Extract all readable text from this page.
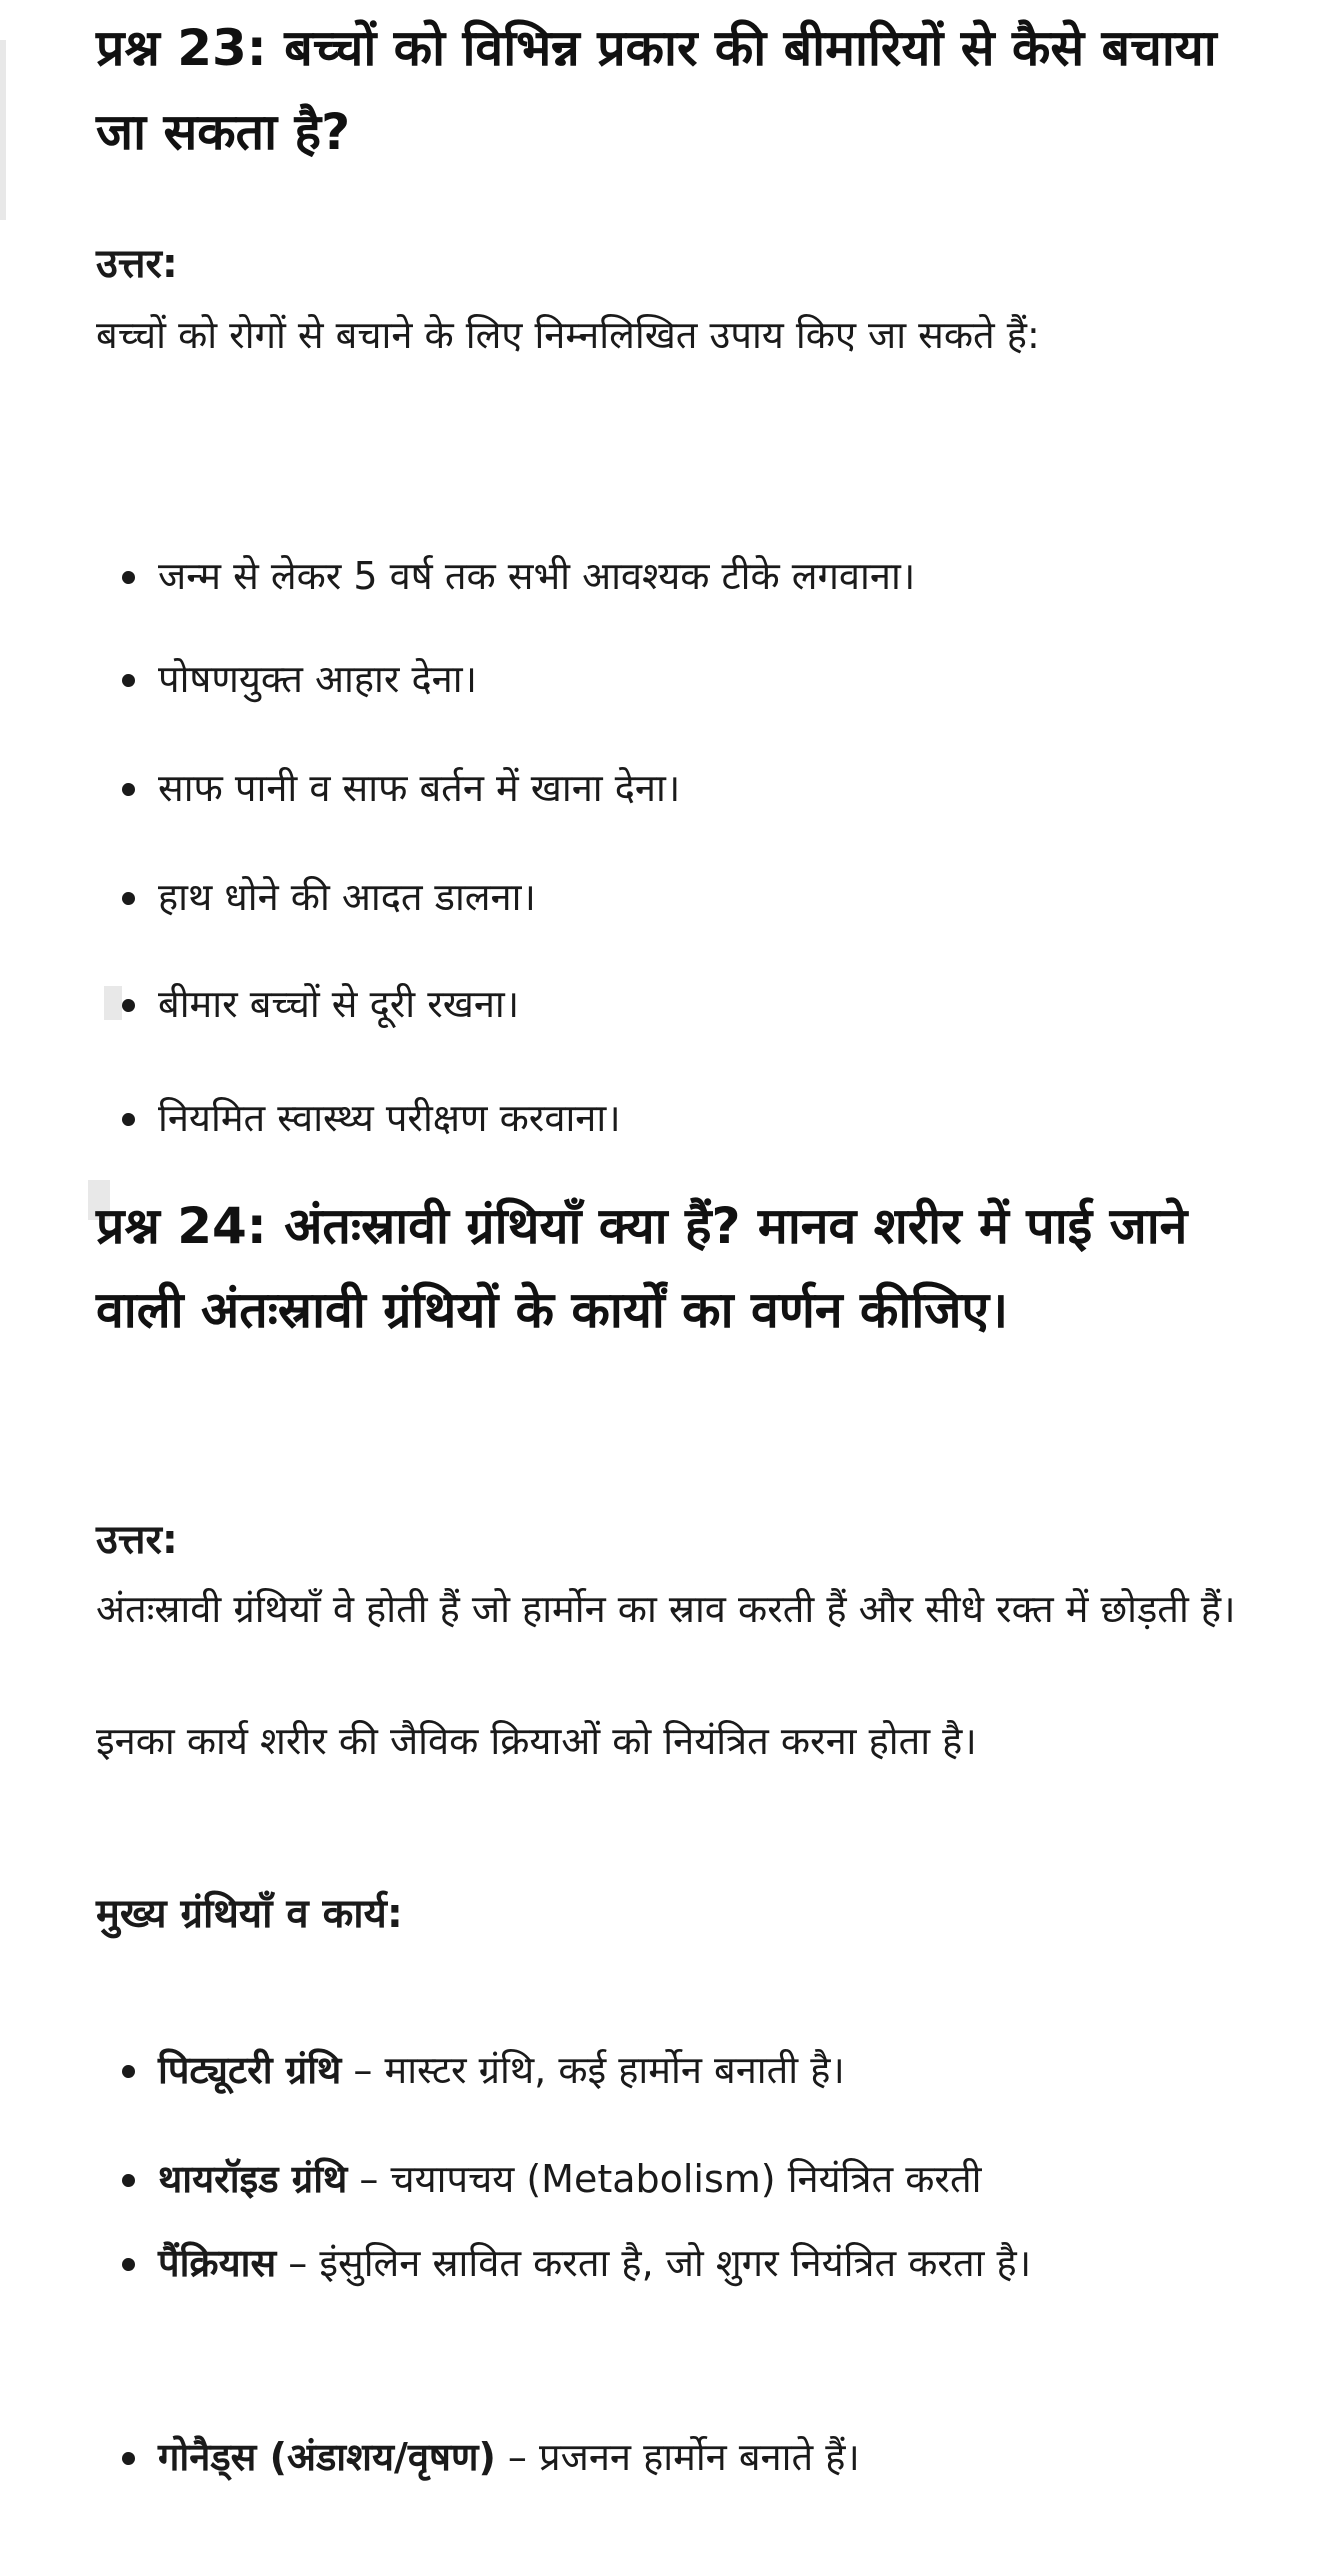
प्रश्न 23: बच्चों को विभिन्न प्रकार की बीमारियों से कैसे बचाया जा सकता है?

उत्तर:

बच्चों को रोगों से बचाने के लिए निम्नलिखित उपाय किए जा सकते हैं:

जन्म से लेकर 5 वर्ष तक सभी आवश्यक टीके लगवाना।
पोषणयुक्त आहार देना।
साफ पानी व साफ बर्तन में खाना देना।
हाथ धोने की आदत डालना।
बीमार बच्चों से दूरी रखना।
नियमित स्वास्थ्य परीक्षण करवाना।
प्रश्न 24: अंतःस्रावी ग्रंथियाँ क्या हैं? मानव शरीर में पाई जाने वाली अंतःस्रावी ग्रंथियों के कार्यों का वर्णन कीजिए।

उत्तर:

अंतःस्रावी ग्रंथियाँ वे होती हैं जो हार्मोन का स्राव करती हैं और सीधे रक्त में छोड़ती हैं।

इनका कार्य शरीर की जैविक क्रियाओं को नियंत्रित करना होता है।

मुख्य ग्रंथियाँ व कार्य:

पिट्यूटरी ग्रंथि – मास्टर ग्रंथि, कई हार्मोन बनाती है।
थायरॉइड ग्रंथि – चयापचय (Metabolism) नियंत्रित करती
पैंक्रियास – इंसुलिन स्रावित करता है, जो शुगर नियंत्रित करता है।
गोनैड्स (अंडाशय/वृषण) – प्रजनन हार्मोन बनाते हैं।
